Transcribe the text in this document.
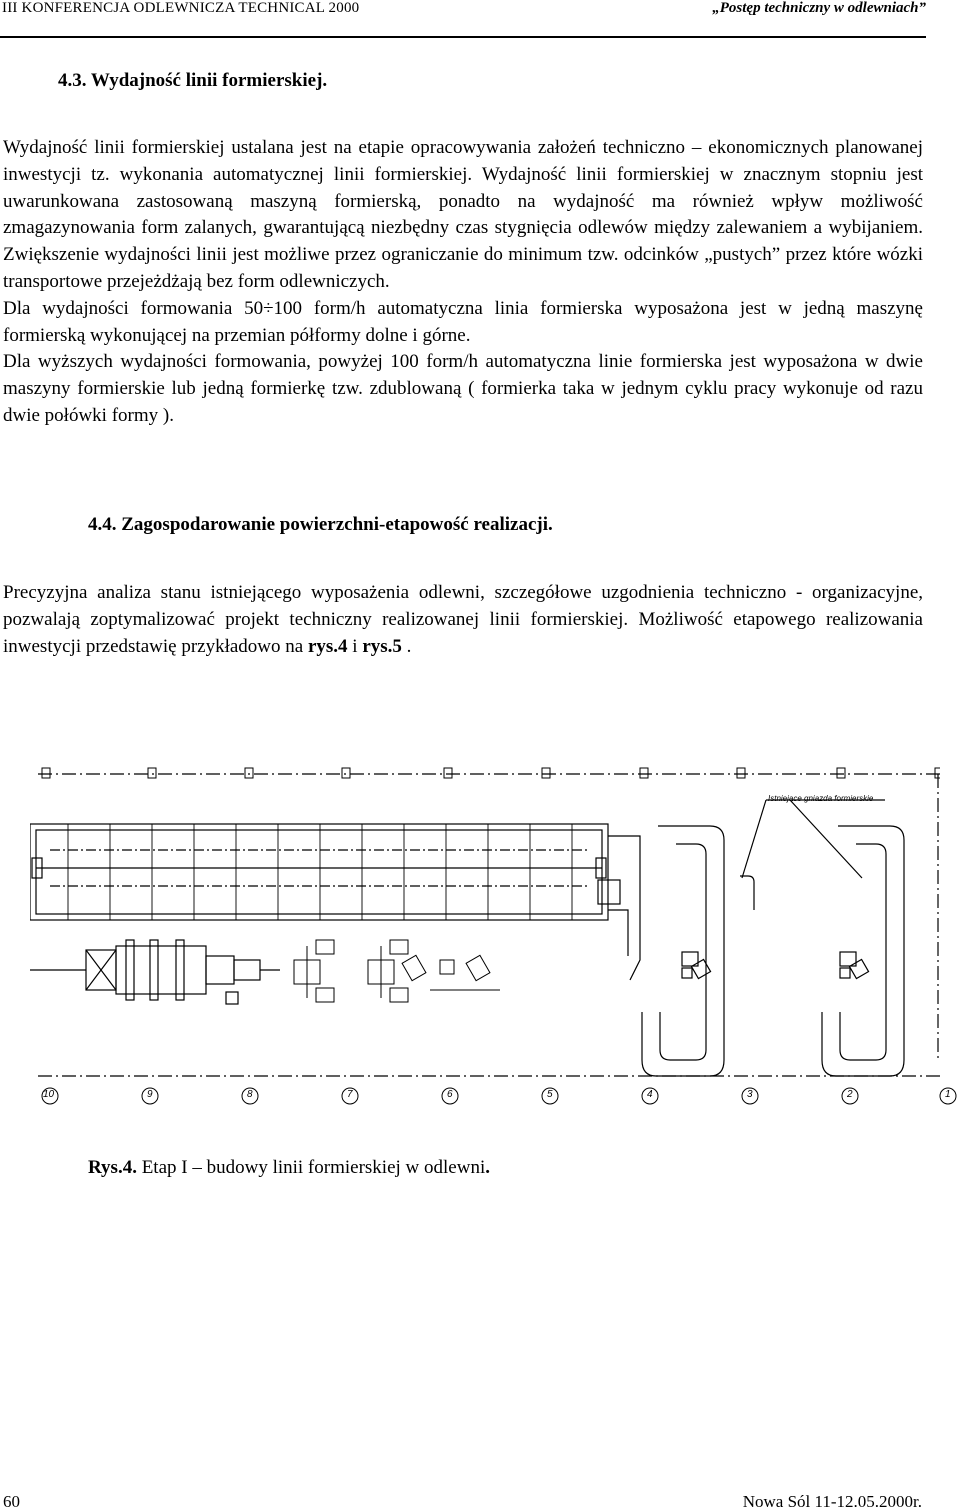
III KONFERENCJA ODLEWNICZA TECHNICAL 2000	„Postęp techniczny w odlewniach”
4.3. Wydajność linii formierskiej.

Wydajność linii formierskiej ustalana jest na etapie opracowywania założeń techniczno – ekonomicznych planowanej inwestycji tz. wykonania automatycznej linii formierskiej. Wydajność linii formierskiej w znacznym stopniu jest uwarunkowana zastosowaną maszyną formierską, ponadto na wydajność ma również wpływ możliwość zmagazynowania form zalanych, gwarantującą niezbędny czas stygnięcia odlewów między zalewaniem a wybijaniem. Zwiększenie wydajności linii jest możliwe przez ograniczanie do minimum tzw. odcinków „pustych” przez które wózki transportowe przejeżdżają bez form odlewniczych.

Dla wydajności formowania 50÷100 form/h automatyczna linia formierska wyposażona jest w jedną maszynę formierską wykonującej na przemian półformy dolne i górne.

Dla wyższych wydajności formowania, powyżej 100 form/h automatyczna linie formierska jest wyposażona w dwie maszyny formierskie lub jedną formierkę tzw. zdublowaną ( formierka taka w jednym cyklu pracy wykonuje od razu dwie połówki formy ).

4.4. Zagospodarowanie powierzchni-etapowość realizacji.

Precyzyjna analiza stanu istniejącego wyposażenia odlewni, szczegółowe uzgodnienia techniczno - organizacyjne, pozwalają zoptymalizować projekt techniczny realizowanej linii formierskiej. Możliwość etapowego realizowania inwestycji przedstawię przykładowo na rys.4 i rys.5 .

Istniejące gniazda formierskie
10	9	8	7	6	5	4	3	2	1
Rys.4. Etap I – budowy linii formierskiej w odlewni.
60	Nowa Sól 11-12.05.2000r.
